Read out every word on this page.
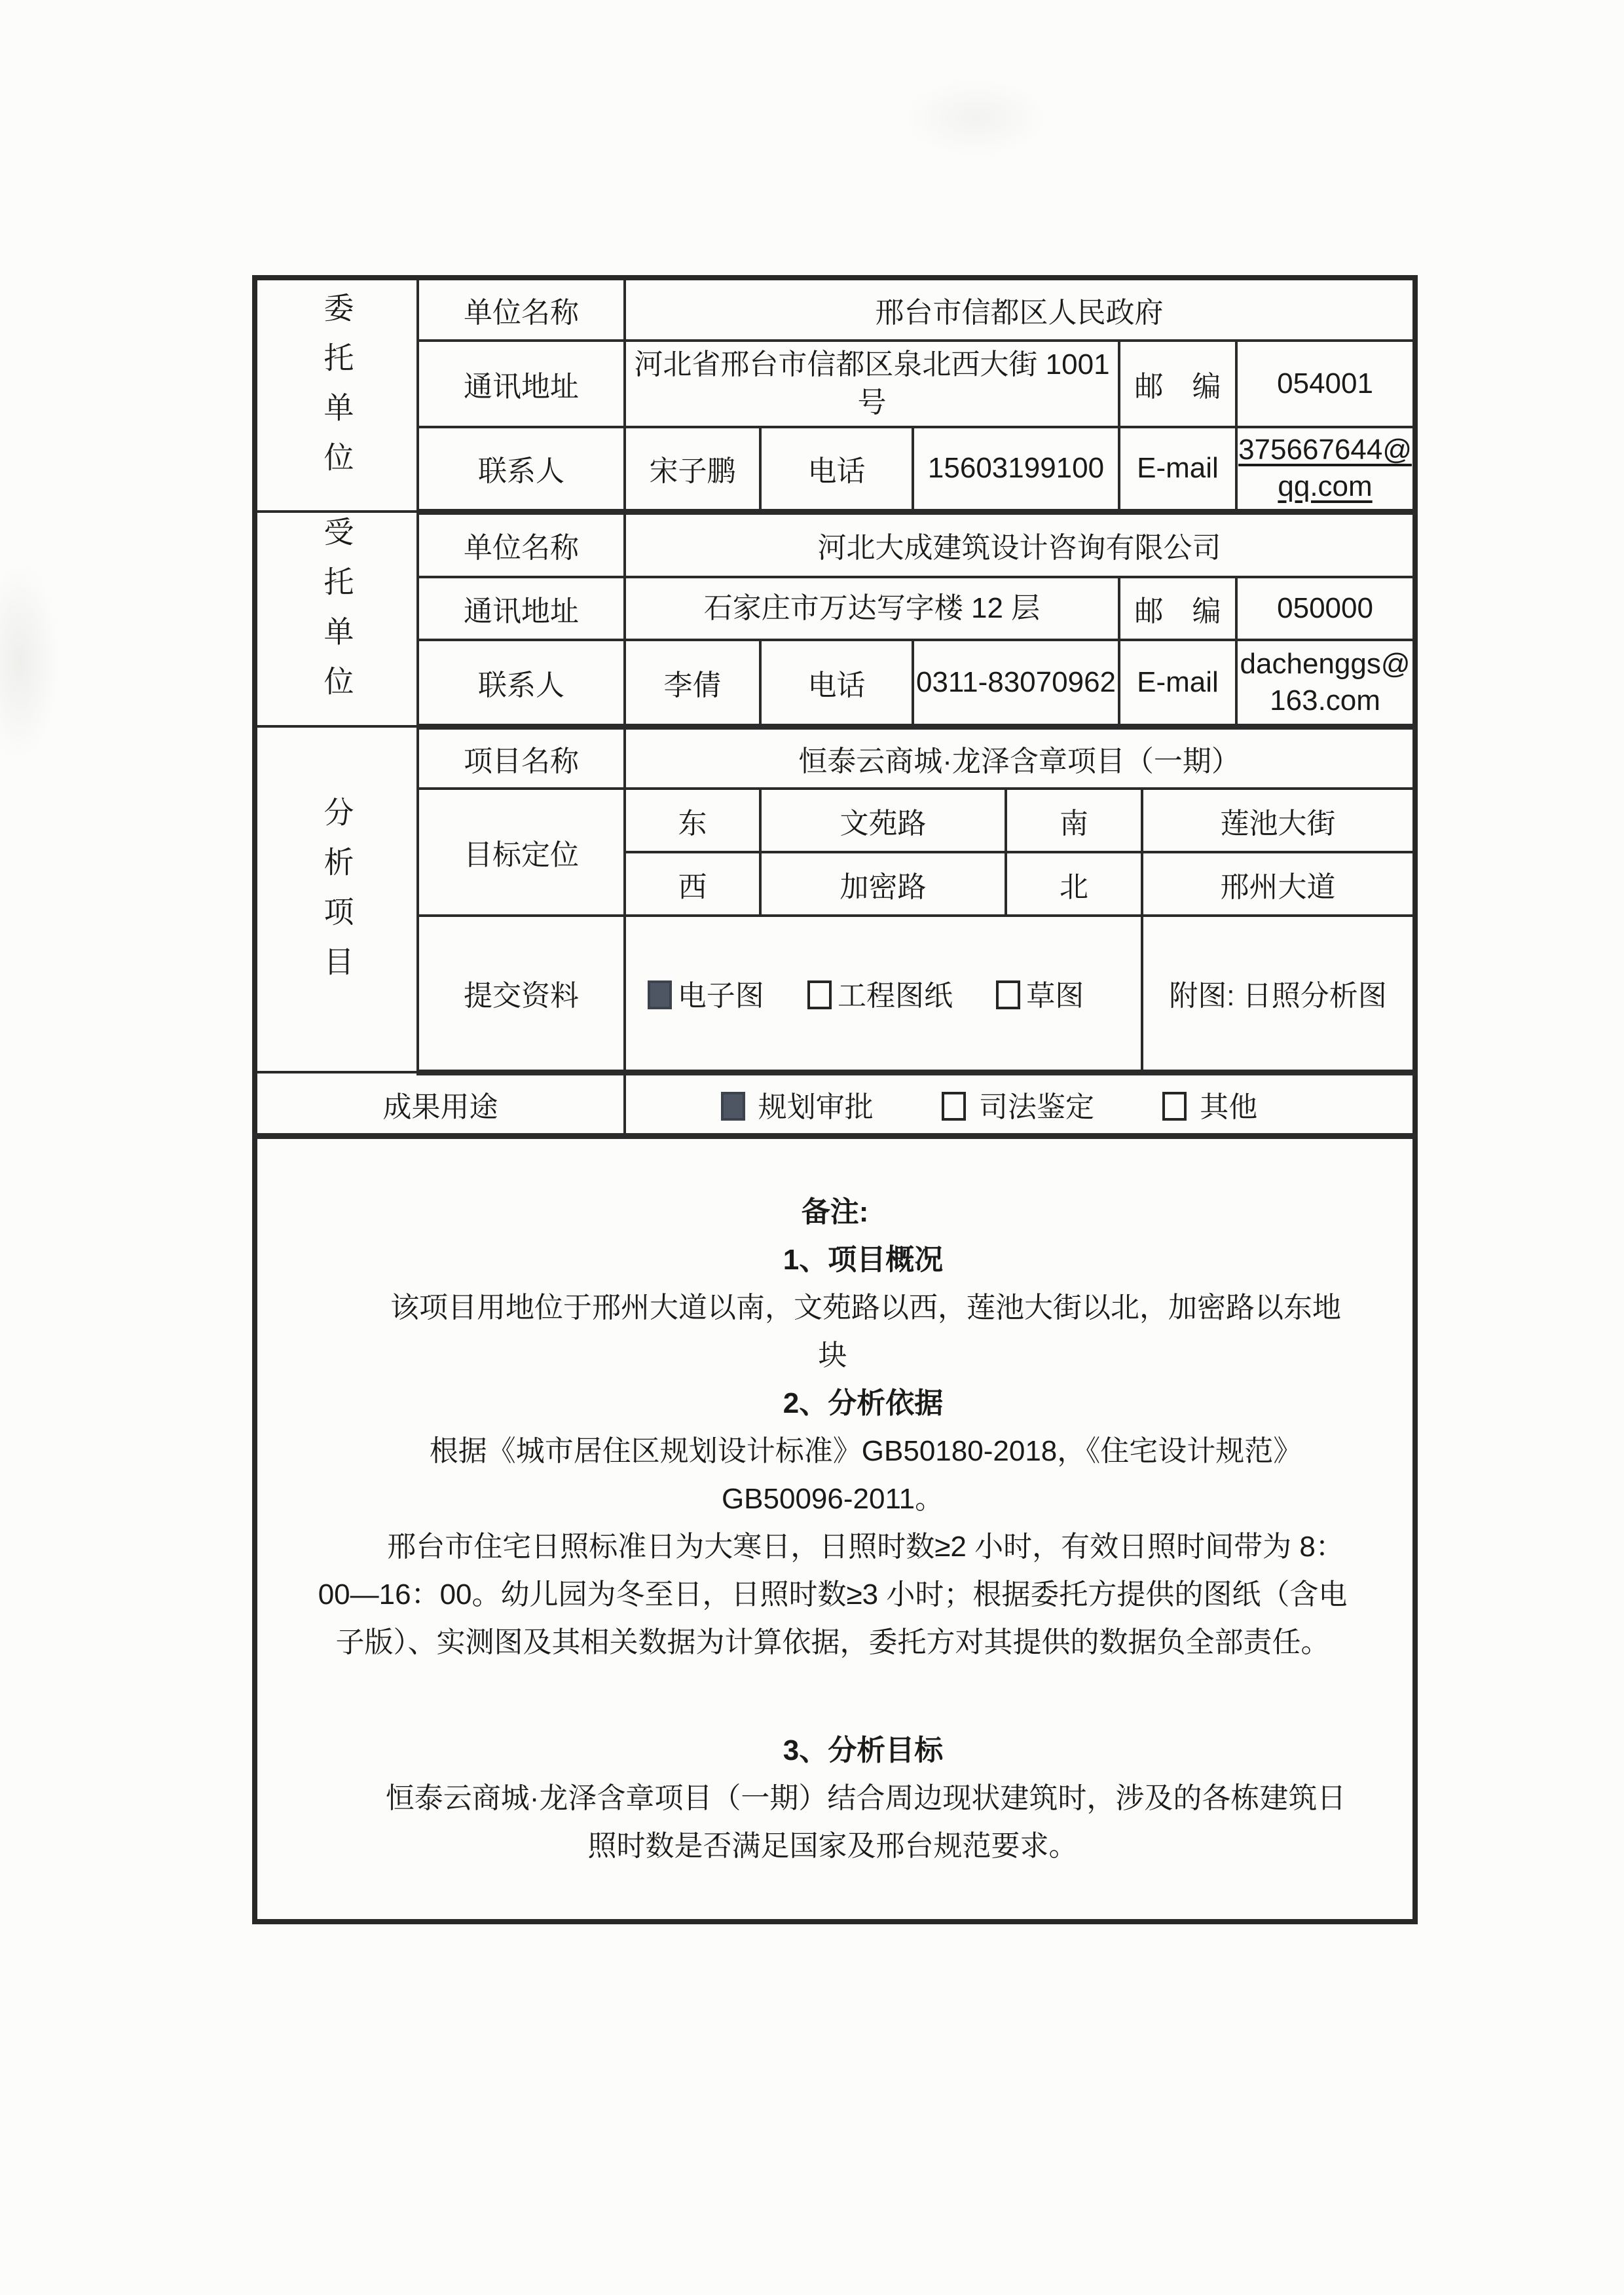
委托单位	单位名称	邢台市信都区人民政府						
	通讯地址	河北省邢台市信都区泉北西大街 1001 号				邮　编		054001
	联系人	宋子鹏	电话	15603199100		E-mail		375667644@qq.com
受托单位	单位名称	河北大成建筑设计咨询有限公司						
	通讯地址	石家庄市万达写字楼 12 层				邮　编		050000
	联系人	李倩	电话	0311-83070962		E-mail		dachenggs@163.com
分析项目	项目名称	恒泰云商城·龙泽含章项目（一期）						
	目标定位	东	文苑路		南		莲池大街	
		西	加密路		北		邢州大道	
	提交资料	电子图 工程图纸 草图					附图: 日照分析图	
成果用途		规划审批 司法鉴定 其他						

备注:

1、项目概况

该项目用地位于邢州大道以南，文苑路以西，莲池大街以北，加密路以东地块

2、分析依据

根据《城市居住区规划设计标准》GB50180-2018，《住宅设计规范》GB50096-2011。

邢台市住宅日照标准日为大寒日，日照时数≥2 小时，有效日照时间带为 8：00—16：00。幼儿园为冬至日，日照时数≥3 小时；根据委托方提供的图纸（含电子版）、实测图及其相关数据为计算依据，委托方对其提供的数据负全部责任。

3、分析目标

恒泰云商城·龙泽含章项目（一期）结合周边现状建筑时，涉及的各栋建筑日照时数是否满足国家及邢台规范要求。
